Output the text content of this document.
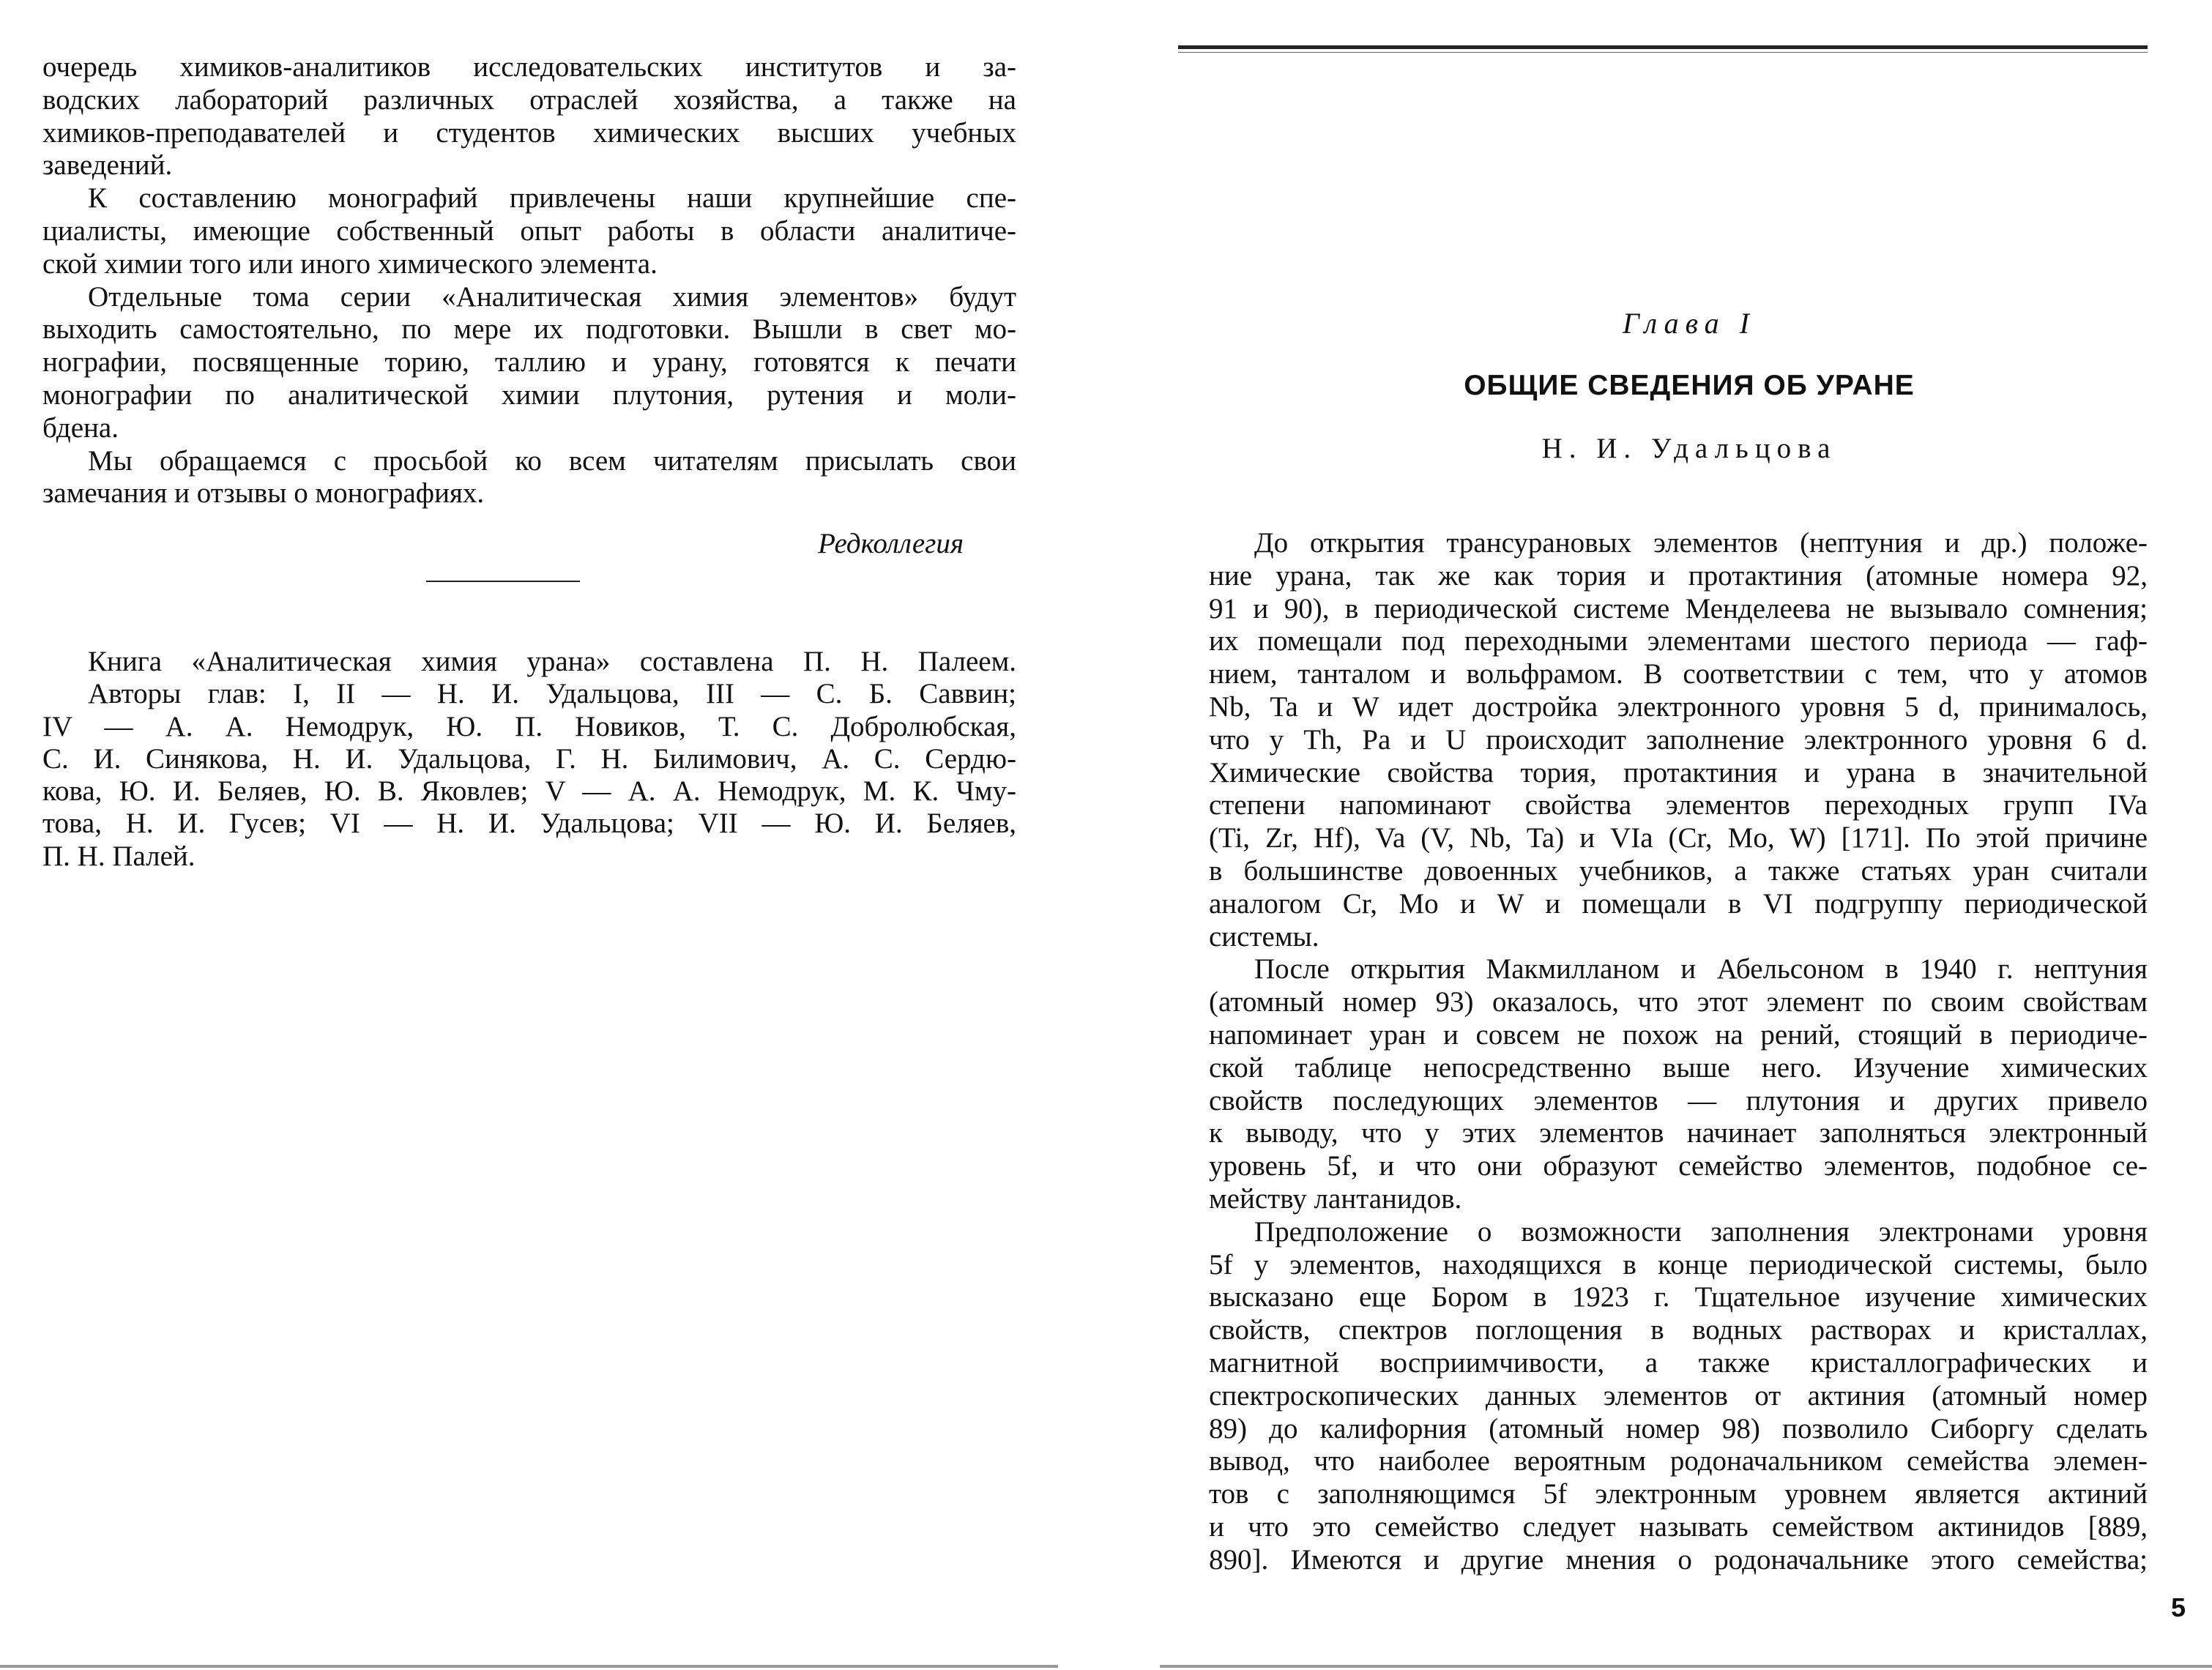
очередь химиков-аналитиков исследовательских институтов и за-
водских лабораторий различных отраслей хозяйства, а также на
химиков-преподавателей и студентов химических высших учебных
заведений.
К составлению монографий привлечены наши крупнейшие спе-
циалисты, имеющие собственный опыт работы в области аналитиче-
ской химии того или иного химического элемента.
Отдельные тома серии «Аналитическая химия элементов» будут
выходить самостоятельно, по мере их подготовки. Вышли в свет мо-
нографии, посвященные торию, таллию и урану, готовятся к печати
монографии по аналитической химии плутония, рутения и моли-
бдена.
Мы обращаемся с просьбой ко всем читателям присылать свои
замечания и отзывы о монографиях.
Редколлегия
Книга «Аналитическая химия урана» составлена П. Н. Палеем.
Авторы глав: I, II — Н. И. Удальцова, III — С. Б. Саввин;
IV — А. А. Немодрук, Ю. П. Новиков, Т. С. Добролюбская,
С. И. Синякова, Н. И. Удальцова, Г. Н. Билимович, А. С. Сердю-
кова, Ю. И. Беляев, Ю. В. Яковлев; V — А. А. Немодрук, М. К. Чму-
това, Н. И. Гусев; VI — Н. И. Удальцова; VII — Ю. И. Беляев,
П. Н. Палей.
Глава I
ОБЩИЕ СВЕДЕНИЯ ОБ УРАНЕ
Н. И. Удальцова
До открытия трансурановых элементов (нептуния и др.) положе-
ние урана, так же как тория и протактиния (атомные номера 92,
91 и 90), в периодической системе Менделеева не вызывало сомнения;
их помещали под переходными элементами шестого периода — гаф-
нием, танталом и вольфрамом. В соответствии с тем, что у атомов
Nb, Ta и W идет достройка электронного уровня 5 d, принималось,
что у Th, Pa и U происходит заполнение электронного уровня 6 d.
Химические свойства тория, протактиния и урана в значительной
степени напоминают свойства элементов переходных групп IVa
(Ti, Zr, Hf), Va (V, Nb, Ta) и VIa (Cr, Mo, W) [171]. По этой причине
в большинстве довоенных учебников, а также статьях уран считали
аналогом Cr, Mo и W и помещали в VI подгруппу периодической
системы.
После открытия Макмилланом и Абельсоном в 1940 г. нептуния
(атомный номер 93) оказалось, что этот элемент по своим свойствам
напоминает уран и совсем не похож на рений, стоящий в периодиче-
ской таблице непосредственно выше него. Изучение химических
свойств последующих элементов — плутония и других привело
к выводу, что у этих элементов начинает заполняться электронный
уровень 5f, и что они образуют семейство элементов, подобное се-
мейству лантанидов.
Предположение о возможности заполнения электронами уровня
5f у элементов, находящихся в конце периодической системы, было
высказано еще Бором в 1923 г. Тщательное изучение химических
свойств, спектров поглощения в водных растворах и кристаллах,
магнитной восприимчивости, а также кристаллографических и
спектроскопических данных элементов от актиния (атомный номер
89) до калифорния (атомный номер 98) позволило Сиборгу сделать
вывод, что наиболее вероятным родоначальником семейства элемен-
тов с заполняющимся 5f электронным уровнем является актиний
и что это семейство следует называть семейством актинидов [889,
890]. Имеются и другие мнения о родоначальнике этого семейства;
5
